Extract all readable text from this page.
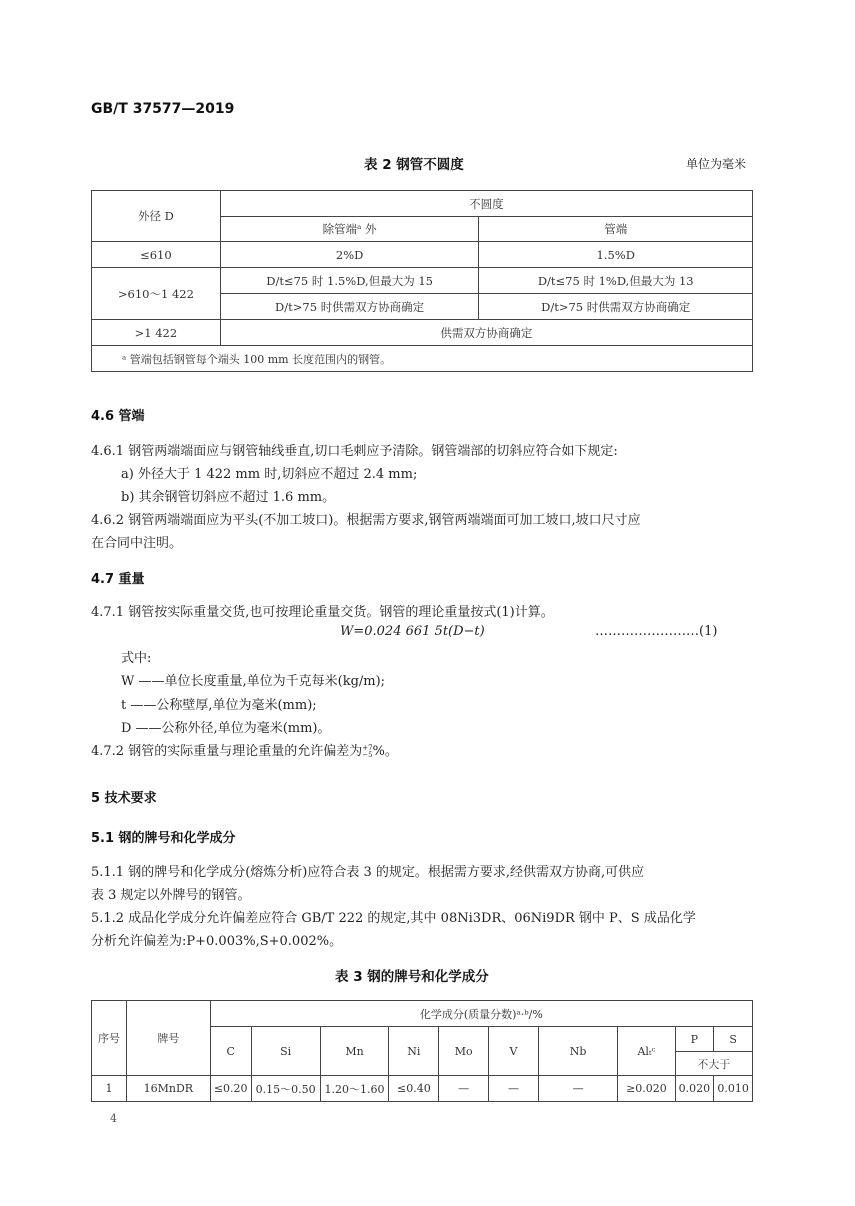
GB/T 37577—2019
表 2 钢管不圆度	单位为毫米
外径 D	不圆度	
	除管端ᵃ 外	管端
≤610	2%D	1.5%D
>610～1 422	D/t≤75 时 1.5%D,但最大为 15	D/t≤75 时 1%D,但最大为 13
	D/t>75 时供需双方协商确定	D/t>75 时供需双方协商确定
>1 422	供需双方协商确定	
ᵃ 管端包括钢管每个端头 100 mm 长度范围内的钢管。		
4.6 管端
4.6.1 钢管两端端面应与钢管轴线垂直,切口毛刺应予清除。钢管端部的切斜应符合如下规定:
a) 外径大于 1 422 mm 时,切斜应不超过 2.4 mm;
b) 其余钢管切斜应不超过 1.6 mm。
4.6.2 钢管两端端面应为平头(不加工坡口)。根据需方要求,钢管两端端面可加工坡口,坡口尺寸应
在合同中注明。
4.7 重量
4.7.1 钢管按实际重量交货,也可按理论重量交货。钢管的理论重量按式(1)计算。
W=0.024 661 5t(D−t)	……………………(1)
式中:
W ——单位长度重量,单位为千克每米(kg/m);
t ——公称壁厚,单位为毫米(mm);
D ——公称外径,单位为毫米(mm)。
4.7.2 钢管的实际重量与理论重量的允许偏差为 +7
−5 %。
5 技术要求
5.1 钢的牌号和化学成分
5.1.1 钢的牌号和化学成分(熔炼分析)应符合表 3 的规定。根据需方要求,经供需双方协商,可供应
表 3 规定以外牌号的钢管。
5.1.2 成品化学成分允许偏差应符合 GB/T 222 的规定,其中 08Ni3DR、06Ni9DR 钢中 P、S 成品化学
分析允许偏差为:P+0.003%,S+0.002%。
表 3 钢的牌号和化学成分
序号	牌号	化学成分(质量分数)ᵃ·ᵇ/%									
		C	Si	Mn	Ni	Mo	V	Nb	Alₜᶜ	P	S
										不大于	
1	16MnDR	≤0.20	0.15～0.50	1.20～1.60	≤0.40	—	—	—	≥0.020	0.020	0.010
4
